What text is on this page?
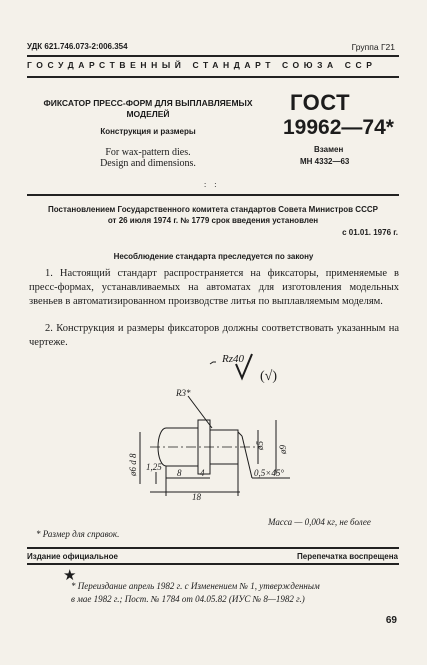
УДК 621.746.073-2:006.354	Группа Г21
ГОСУДАРСТВЕННЫЙ СТАНДАРТ СОЮЗА ССР
ФИКСАТОР ПРЕСС-ФОРМ ДЛЯ ВЫПЛАВЛЯЕМЫХ
МОДЕЛЕЙ
Конструкция и размеры
For wax-pattern dies.
Design and dimensions.
ГОСТ
19962—74*
Взамен
МН 4332—63
: :
Постановлением Государственного комитета стандартов Совета Министров СССР
от 26 июля 1974 г. № 1779 срок введения установлен
с 01.01. 1976 г.
Несоблюдение стандарта преследуется по закону
1. Настоящий стандарт распространяется на фиксаторы, применяемые в пресс-формах, устанавливаемых на автоматах для изготовления модельных звеньев в автоматизированном производстве литья по выплавляемым моделям.
2. Конструкция и размеры фиксаторов должны соответствовать указанным на чертеже.
Rz40
(√)
R3*
ø5 ø9
ø6 d 8 1,25
8 4
18
0,5×45°
Масса — 0,004 кг, не более
* Размер для справок.
Издание официальное	Перепечатка воспрещена
★
* Переиздание апрель 1982 г. с Изменением № 1, утвержденным
в мае 1982 г.; Пост. № 1784 от 04.05.82 (ИУС № 8—1982 г.)
69
